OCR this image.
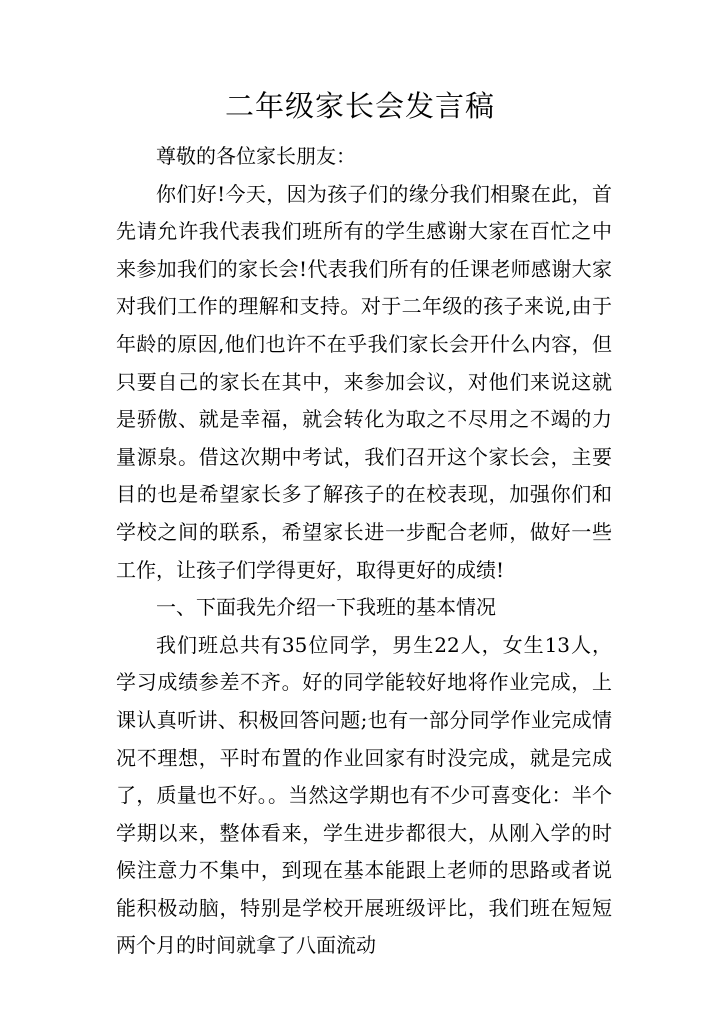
二年级家长会发言稿

尊敬的各位家长朋友：

你们好!今天，因为孩子们的缘分我们相聚在此，首先请允许我代表我们班所有的学生感谢大家在百忙之中来参加我们的家长会!代表我们所有的任课老师感谢大家对我们工作的理解和支持。对于二年级的孩子来说,由于年龄的原因,他们也许不在乎我们家长会开什么内容，但只要自己的家长在其中，来参加会议，对他们来说这就是骄傲、就是幸福，就会转化为取之不尽用之不竭的力量源泉。借这次期中考试，我们召开这个家长会，主要目的也是希望家长多了解孩子的在校表现，加强你们和学校之间的联系，希望家长进一步配合老师，做好一些工作，让孩子们学得更好，取得更好的成绩!

一、下面我先介绍一下我班的基本情况

我们班总共有35位同学，男生22人，女生13人，学习成绩参差不齐。好的同学能较好地将作业完成，上课认真听讲、积极回答问题;也有一部分同学作业完成情况不理想，平时布置的作业回家有时没完成，就是完成了，质量也不好。。当然这学期也有不少可喜变化：半个学期以来，整体看来，学生进步都很大，从刚入学的时候注意力不集中，到现在基本能跟上老师的思路或者说能积极动脑，特别是学校开展班级评比，我们班在短短两个月的时间就拿了八面流动
